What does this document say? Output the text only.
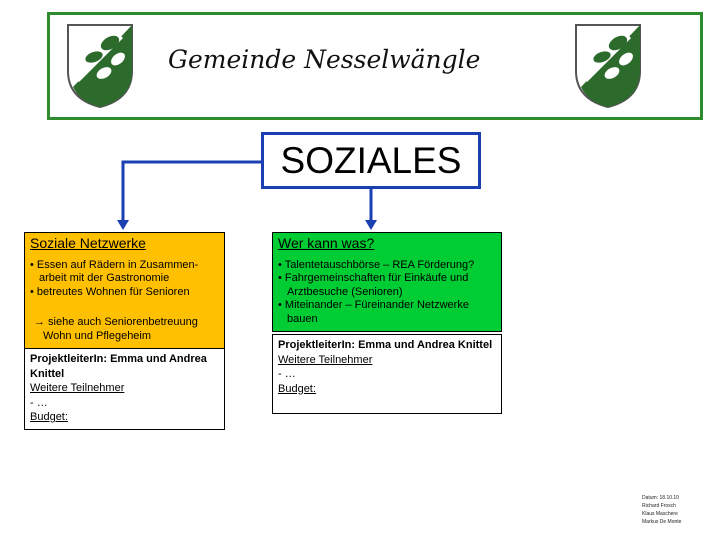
Gemeinde Nesselwängle
SOZIALES
Soziale Netzwerke
• Essen auf Rädern in Zusammen-arbeit mit der Gastronomie
• betreutes Wohnen für Senioren
→ siehe auch Seniorenbetreuung Wohn und Pflegeheim
ProjektleiterIn: Emma und Andrea Knittel
Weitere Teilnehmer
- …
Budget:
Wer kann was?
• Talentetauschbörse – REA Förderung?
• Fahrgemeinschaften für Einkäufe und Arztbesuche (Senioren)
• Miteinander – Füreinander Netzwerke bauen
ProjektleiterIn: Emma und Andrea Knittel
Weitere Teilnehmer
- …
Budget:
Datum: 18.10.10
Richard Frosch
Klaus Maschere
Markus De Monte
